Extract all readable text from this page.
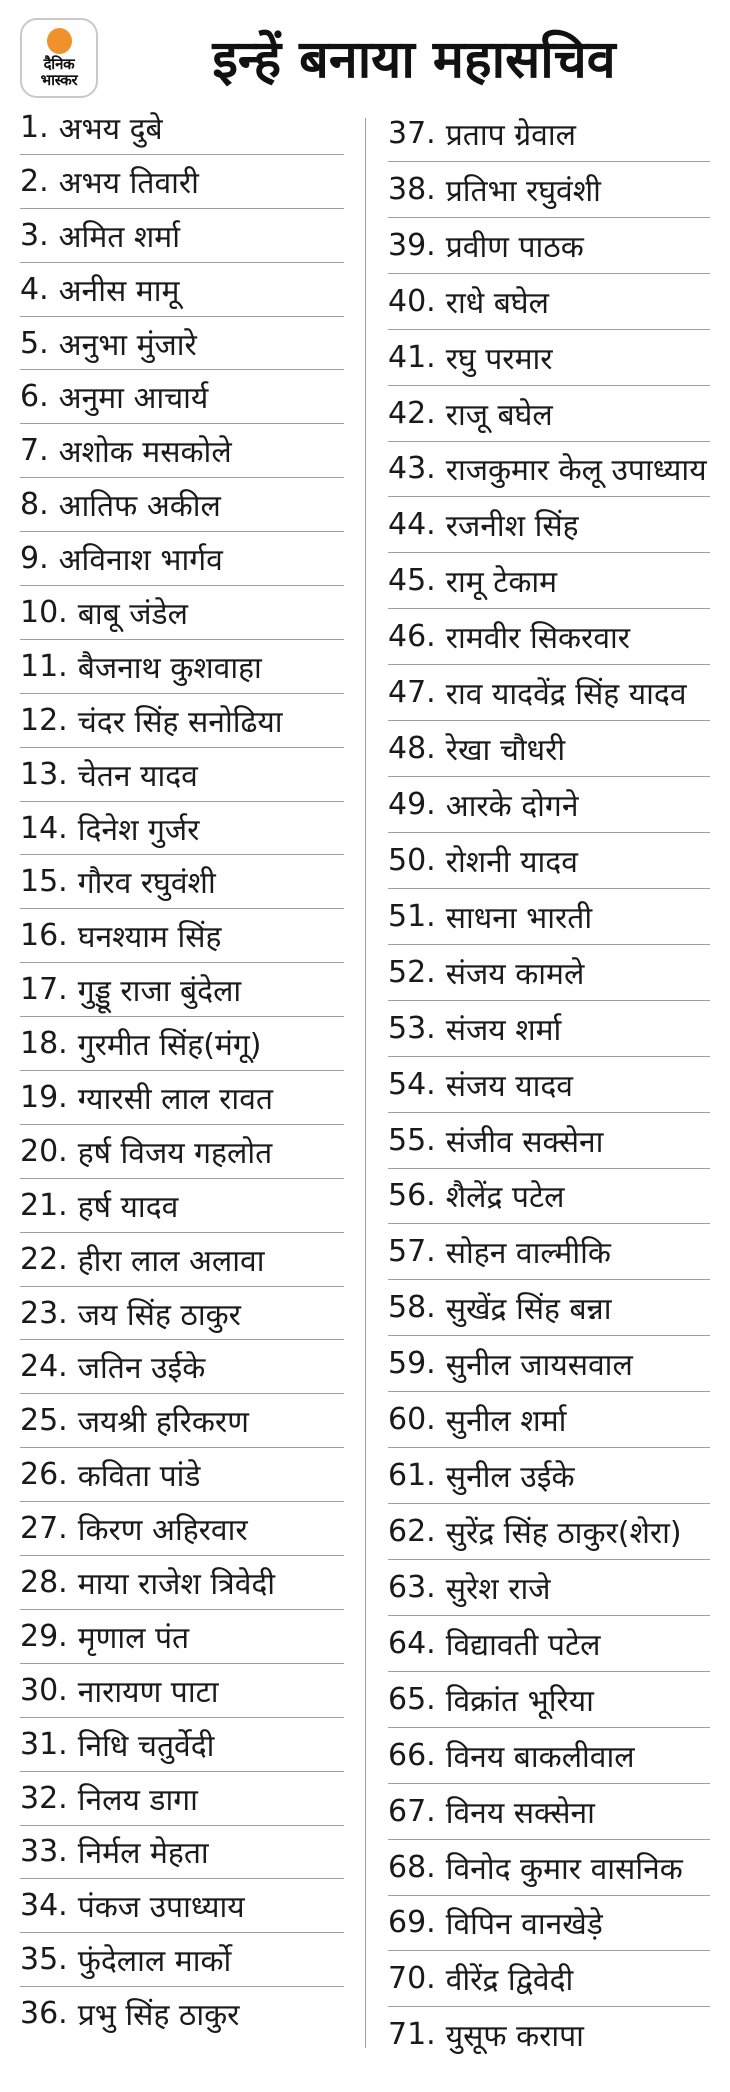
दैनिक
भास्कर	इन्हें बनाया महासचिव
1. अभय दुबे
2. अभय तिवारी
3. अमित शर्मा
4. अनीस मामू
5. अनुभा मुंजारे
6. अनुमा आचार्य
7. अशोक मसकोले
8. आतिफ अकील
9. अविनाश भार्गव
10. बाबू जंडेल
11. बैजनाथ कुशवाहा
12. चंदर सिंह सनोढिया
13. चेतन यादव
14. दिनेश गुर्जर
15. गौरव रघुवंशी
16. घनश्याम सिंह
17. गुड्डू राजा बुंदेला
18. गुरमीत सिंह(मंगू)
19. ग्यारसी लाल रावत
20. हर्ष विजय गहलोत
21. हर्ष यादव
22. हीरा लाल अलावा
23. जय सिंह ठाकुर
24. जतिन उईके
25. जयश्री हरिकरण
26. कविता पांडे
27. किरण अहिरवार
28. माया राजेश त्रिवेदी
29. मृणाल पंत
30. नारायण पाटा
31. निधि चतुर्वेदी
32. निलय डागा
33. निर्मल मेहता
34. पंकज उपाध्याय
35. फुंदेलाल मार्को
36. प्रभु सिंह ठाकुर
37. प्रताप ग्रेवाल
38. प्रतिभा रघुवंशी
39. प्रवीण पाठक
40. राधे बघेल
41. रघु परमार
42. राजू बघेल
43. राजकुमार केलू उपाध्याय
44. रजनीश सिंह
45. रामू टेकाम
46. रामवीर सिकरवार
47. राव यादवेंद्र सिंह यादव
48. रेखा चौधरी
49. आरके दोगने
50. रोशनी यादव
51. साधना भारती
52. संजय कामले
53. संजय शर्मा
54. संजय यादव
55. संजीव सक्सेना
56. शैलेंद्र पटेल
57. सोहन वाल्मीकि
58. सुखेंद्र सिंह बन्ना
59. सुनील जायसवाल
60. सुनील शर्मा
61. सुनील उईके
62. सुरेंद्र सिंह ठाकुर(शेरा)
63. सुरेश राजे
64. विद्यावती पटेल
65. विक्रांत भूरिया
66. विनय बाकलीवाल
67. विनय सक्सेना
68. विनोद कुमार वासनिक
69. विपिन वानखेड़े
70. वीरेंद्र द्विवेदी
71. युसूफ करापा
